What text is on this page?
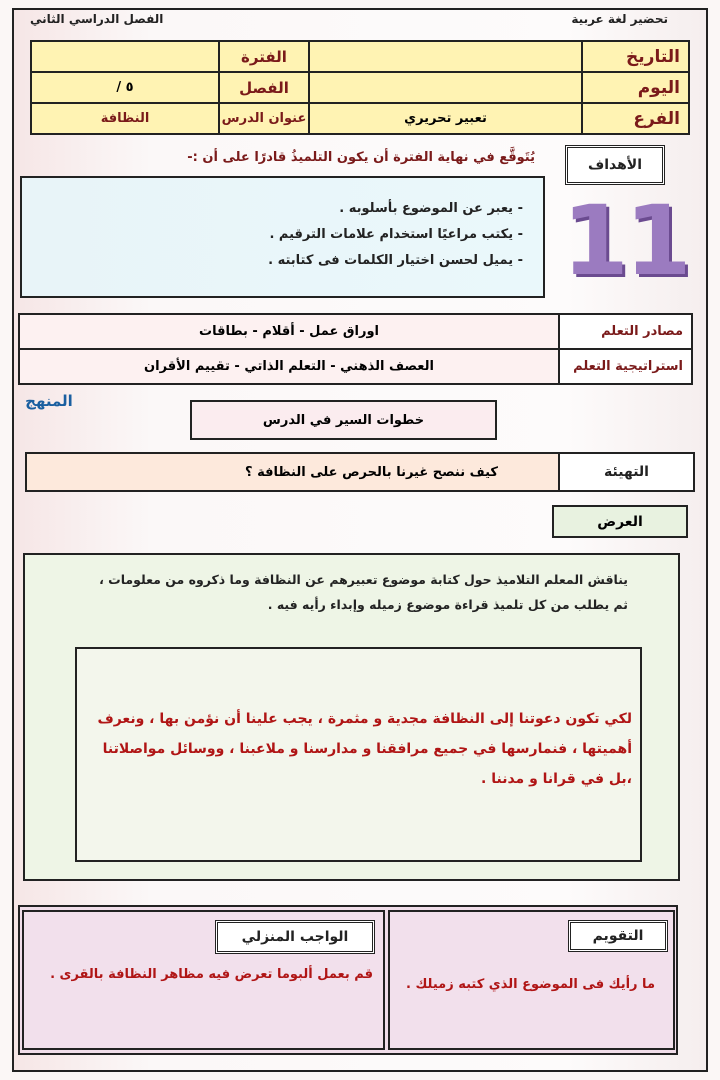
تحضير لغة عربية
الفصل الدراسي الثاني
التاريخ		الفترة	
اليوم		الفصل	٥ /
الفرع	تعبير تحريري	عنوان الدرس	النظافة
الأهداف
يُتَوقَّع في نهاية الفترة أن يكون التلميذُ قادرًا على أن :-
- يعبر عن الموضوع بأسلوبه .
- يكتب مراعيًا استخدام علامات الترقيم .
- يميل لحسن اختيار الكلمات فى كتابته . 11
مصادر التعلم	اوراق عمل - أقلام - بطاقات
استراتيجية التعلم	العصف الذهني - التعلم الذاتي - تقييم الأقران
المنهج
خطوات السير في الدرس
التهيئة
كيف ننصح غيرنا بالحرص على النظافة ؟
العرض
يناقش المعلم التلاميذ حول كتابة موضوع تعبيرهم عن النظافة وما ذكروه من معلومات ،
ثم يطلب من كل تلميذ قراءة موضوع زميله وإبداء رأيه فيه .
لكي تكون دعوتنا إلى النظافة مجدية و مثمرة ، يجب علينا أن نؤمن بها ، ونعرف
أهميتها ، فنمارسها في جميع مرافقنا و مدارسنا و ملاعبنا ، ووسائل مواصلاتنا
،بل في قرانا و مدننا .
قم بعمل ألبوما تعرض فيه مظاهر النظافة بالقرى .
ما رأيك فى الموضوع الذي كتبه زميلك .
الواجب المنزلي	التقويم
